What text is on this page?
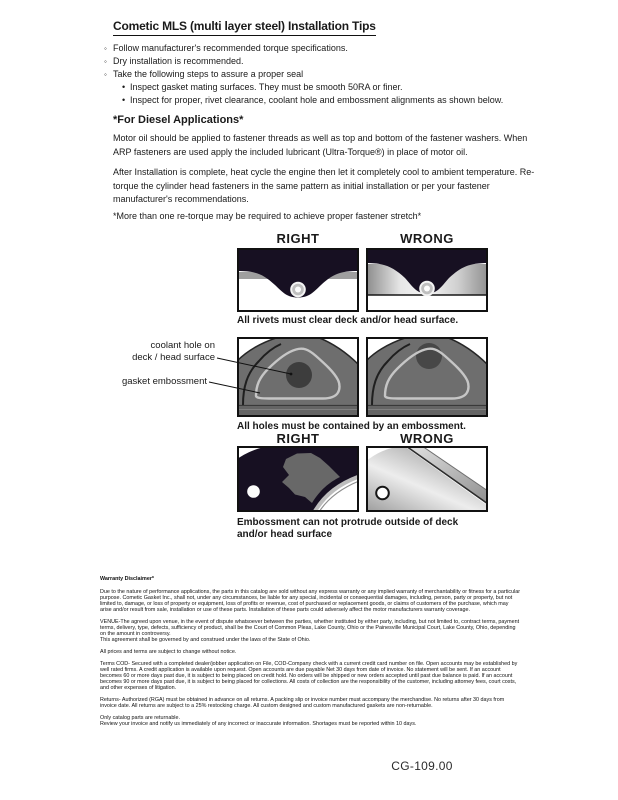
Cometic MLS (multi layer steel) Installation Tips
◦ Follow manufacturer's recommended torque specifications.
◦ Dry installation is recommended.
◦ Take the following steps to assure a proper seal
• Inspect gasket mating surfaces. They must be smooth 50RA or finer.
• Inspect for proper, rivet clearance, coolant hole and embossment alignments as shown below.
*For Diesel Applications*

Motor oil should be applied to fastener threads as well as top and bottom of the fastener washers. When ARP fasteners are used apply the included lubricant (Ultra-Torque®) in place of motor oil.

After Installation is complete, heat cycle the engine then let it completely cool to ambient temperature. Re-torque the cylinder head fasteners in the same pattern as initial installation or per your fastener manufacturer's recommendations.

*More than one re-torque may be required to achieve proper fastener stretch*

RIGHT	WRONG
All rivets must clear deck and/or head surface.
coolant hole on
deck / head surface
gasket embossment
All holes must be contained by an embossment.
RIGHT	WRONG
Embossment can not protrude outside of deck
and/or head surface
Warranty Disclaimer*

Due to the nature of performance applications, the parts in this catalog are sold without any express warranty or any implied warranty of merchantability or fitness for a particular purpose. Cometic Gasket Inc., shall not, under any circumstances, be liable for any special, incidental or consequential damages, including, person, party or property, but not limited to, damage, or loss of property or equipment, loss of profits or revenue, cost of purchased or replacement goods, or claims of customers of the purchase, which may arise and/or result from sale, installation or use of these parts. Installation of these parts could adversely affect the motor manufacturers warranty coverage.

VENUE-The agreed upon venue, in the event of dispute whatsoever between the parties, whether instituted by either party, including, but not limited to, contract terms, payment terms, delivery, type, defects, sufficiency of product, shall be the Court of Common Pleas, Lake County, Ohio or the Painesville Municipal Court, Lake County, Ohio, depending on the amount in controversy.

This agreement shall be governed by and construed under the laws of the State of Ohio.

All prices and terms are subject to change without notice.

Terms COD- Secured with a completed dealer/jobber application on File, COD-Company check with a current credit card number on file. Open accounts may be established by well rated firms. A credit application is available upon request. Open accounts are due payable Net 30 days from date of invoice. No statement will be sent. If an account becomes 60 or more days past due, it is subject to being placed on credit hold. No orders will be shipped or new orders accepted until past due balance is paid. If an account becomes 90 or more days past due, it is subject to being placed for collections. All costs of collection are the responsibility of the customer, including attorney fees, court costs, and other expenses of litigation.

Returns- Authorized (RGA) must be obtained in advance on all returns. A packing slip or invoice number must accompany the merchandise. No returns after 30 days from invoice date. All returns are subject to a 25% restocking charge. All custom designed and custom manufactured gaskets are non-returnable.

Only catalog parts are returnable.

Review your invoice and notify us immediately of any incorrect or inaccurate information. Shortages must be reported within 10 days.

CG-109.00
